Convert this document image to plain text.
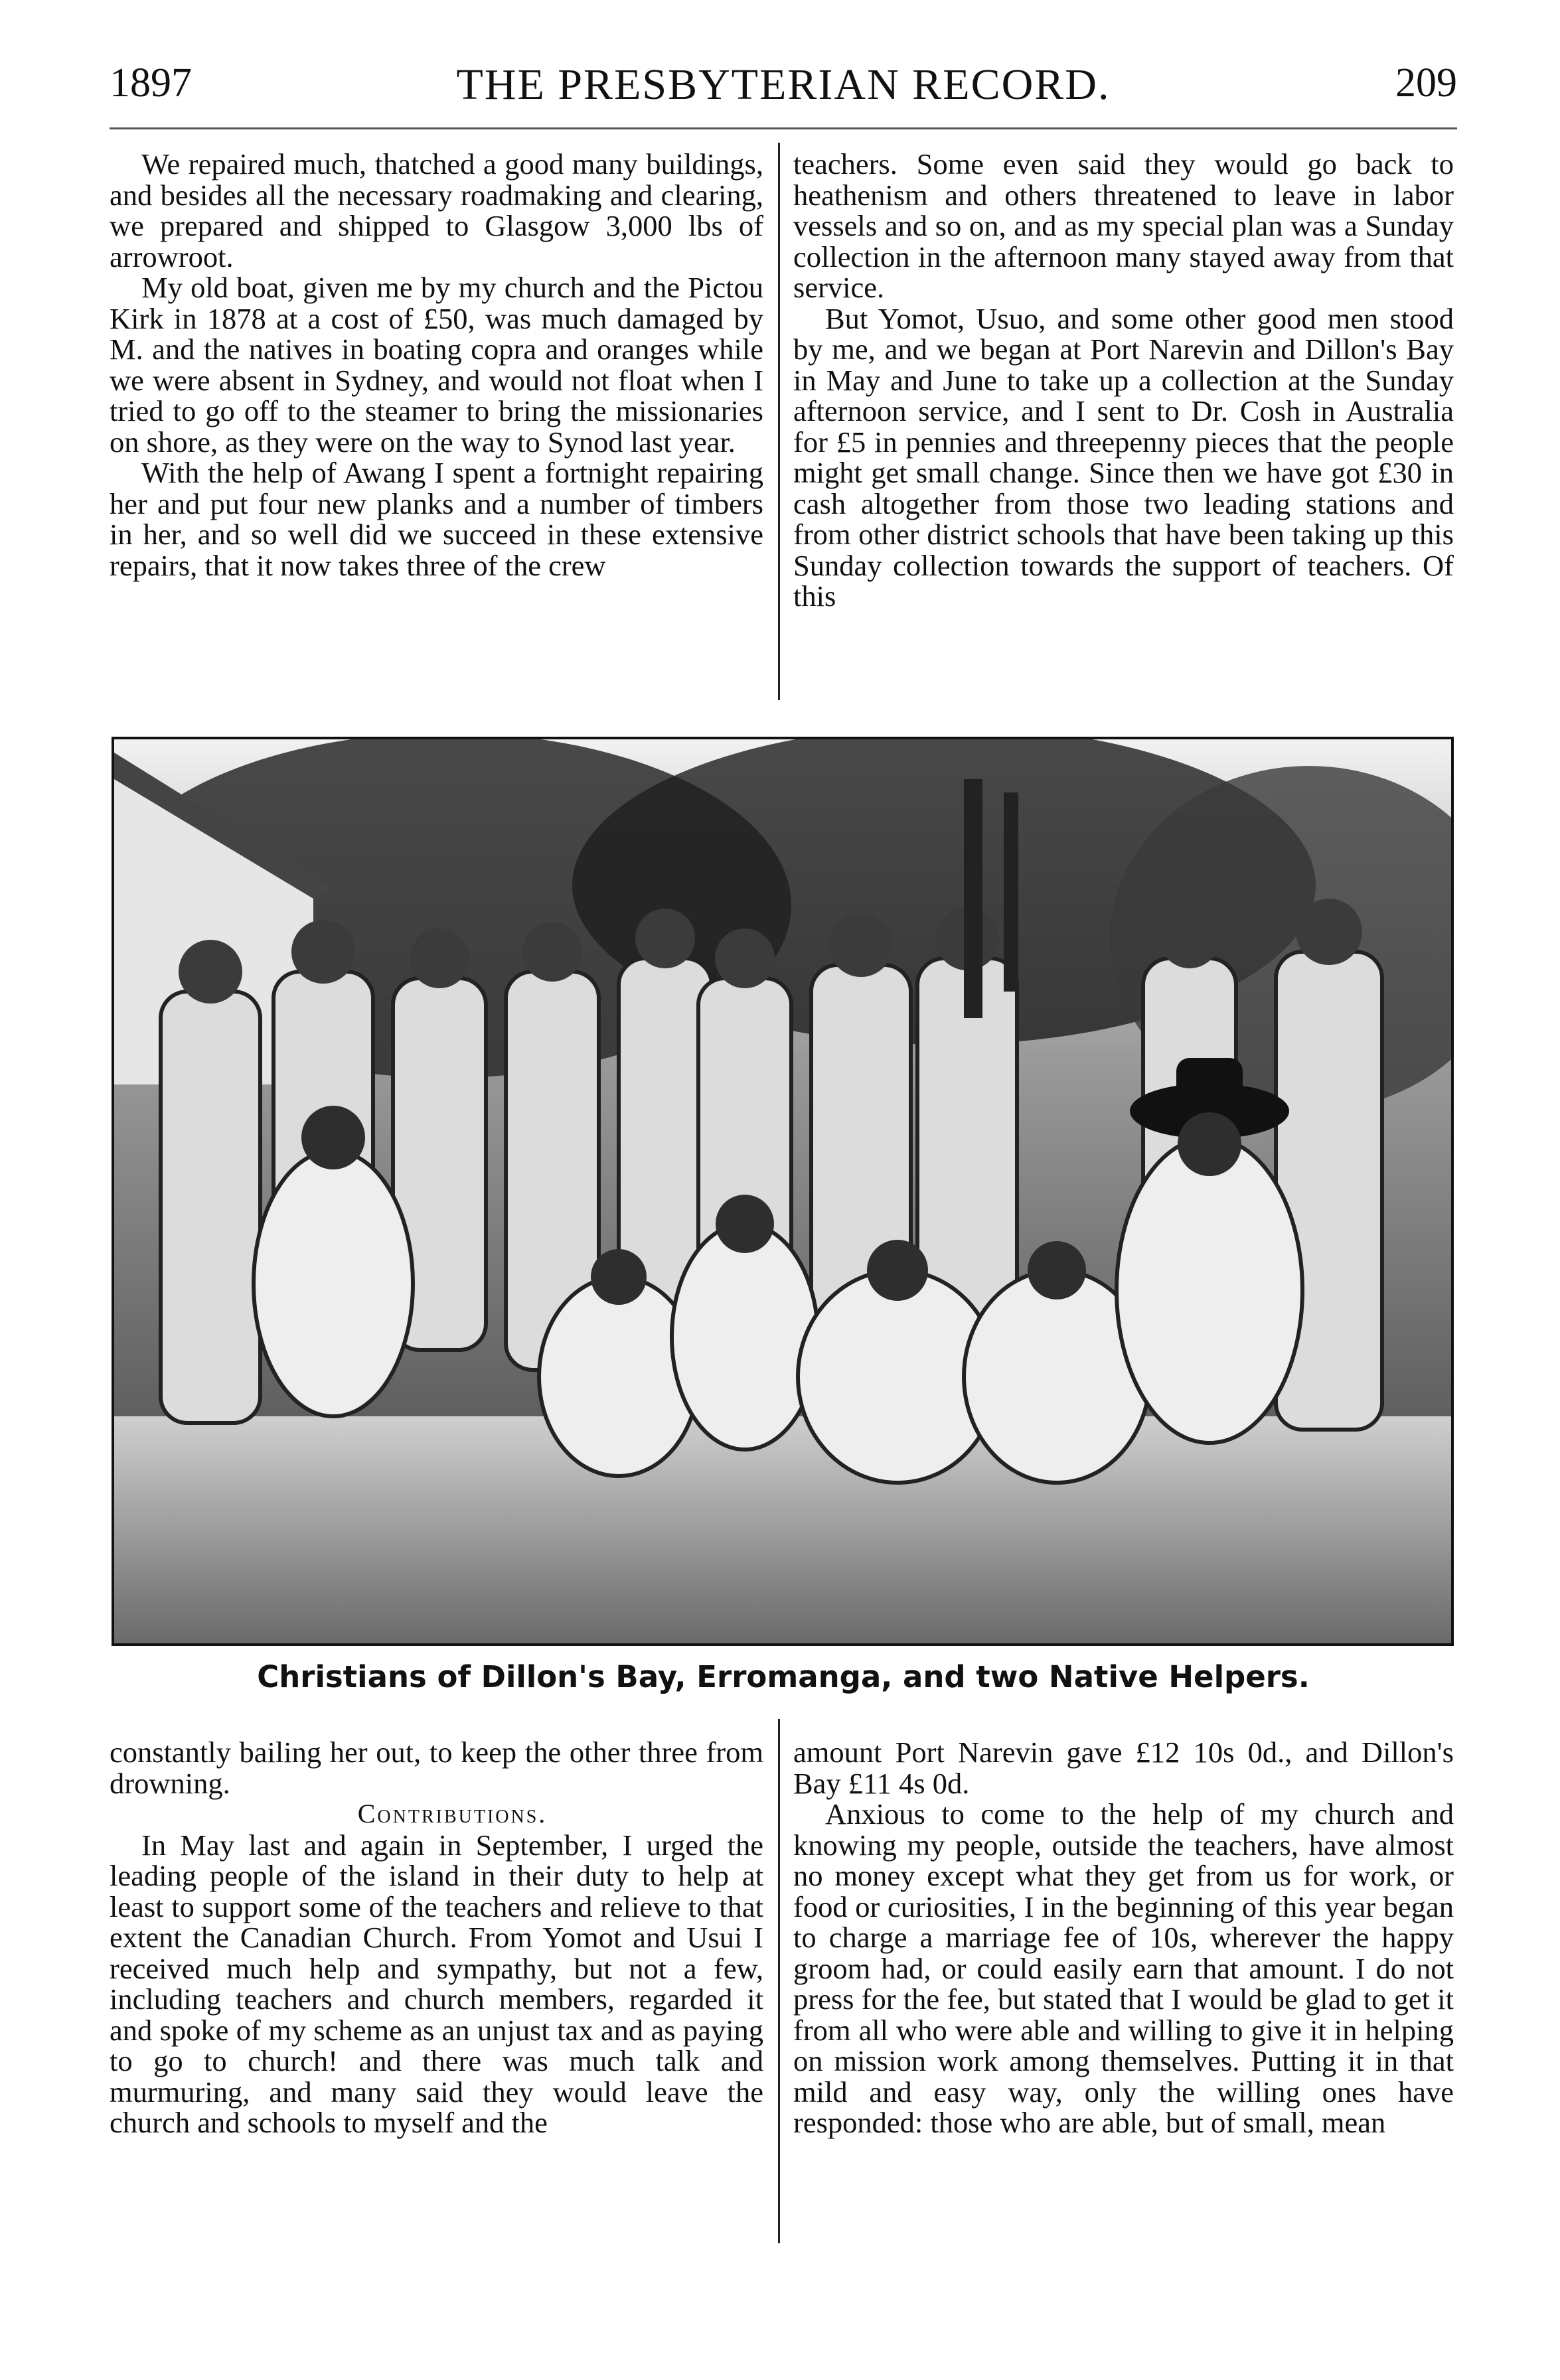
1897	THE PRESBYTERIAN RECORD.	209

We repaired much, thatched a good many buildings, and besides all the necessary roadmaking and clearing, we prepared and shipped to Glasgow 3,000 lbs of arrowroot.

My old boat, given me by my church and the Pictou Kirk in 1878 at a cost of £50, was much damaged by M. and the natives in boating copra and oranges while we were absent in Sydney, and would not float when I tried to go off to the steamer to bring the missionaries on shore, as they were on the way to Synod last year.

With the help of Awang I spent a fortnight repairing her and put four new planks and a number of timbers in her, and so well did we succeed in these extensive repairs, that it now takes three of the crew

teachers. Some even said they would go back to heathenism and others threatened to leave in labor vessels and so on, and as my special plan was a Sunday collection in the afternoon many stayed away from that service.

But Yomot, Usuo, and some other good men stood by me, and we began at Port Narevin and Dillon's Bay in May and June to take up a collection at the Sunday afternoon service, and I sent to Dr. Cosh in Australia for £5 in pennies and threepenny pieces that the people might get small change. Since then we have got £30 in cash altogether from those two leading stations and from other district schools that have been taking up this Sunday collection towards the support of teachers. Of this

Christians of Dillon's Bay, Erromanga, and two Native Helpers.

constantly bailing her out, to keep the other three from drowning.

Contributions.

In May last and again in September, I urged the leading people of the island in their duty to help at least to support some of the teachers and relieve to that extent the Canadian Church. From Yomot and Usui I received much help and sympathy, but not a few, including teachers and church members, regarded it and spoke of my scheme as an unjust tax and as paying to go to church! and there was much talk and murmuring, and many said they would leave the church and schools to myself and the

amount Port Narevin gave £12 10s 0d., and Dillon's Bay £11 4s 0d.

Anxious to come to the help of my church and knowing my people, outside the teachers, have almost no money except what they get from us for work, or food or curiosities, I in the beginning of this year began to charge a marriage fee of 10s, wherever the happy groom had, or could easily earn that amount. I do not press for the fee, but stated that I would be glad to get it from all who were able and willing to give it in helping on mission work among themselves. Putting it in that mild and easy way, only the willing ones have responded: those who are able, but of small, mean
